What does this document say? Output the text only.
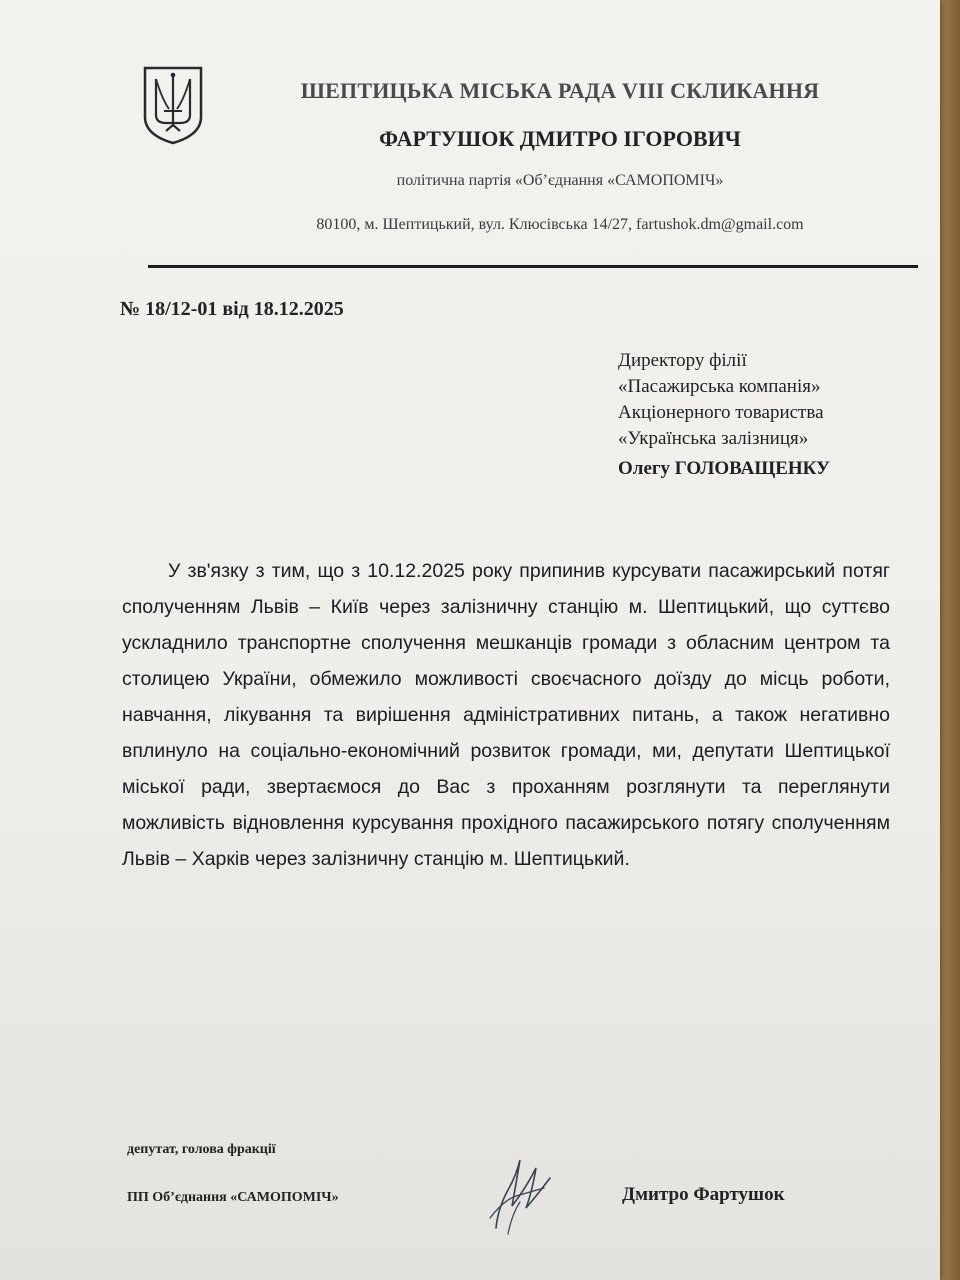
ШЕПТИЦЬКА МІСЬКА РАДА VIII СКЛИКАННЯ
ФАРТУШОК ДМИТРО ІГОРОВИЧ
політична партія «Об’єднання «САМОПОМІЧ»
80100, м. Шептицький, вул. Клюсівська 14/27, fartushok.dm@gmail.com
№ 18/12-01 від 18.12.2025
Директору філії
«Пасажирська компанія»
Акціонерного товариства
«Українська залізниця»
Олегу ГОЛОВАЩЕНКУ
У зв'язку з тим, що з 10.12.2025 року припинив курсувати пасажирський потяг сполученням Львів – Київ через залізничну станцію м. Шептицький, що суттєво ускладнило транспортне сполучення мешканців громади з обласним центром та столицею України, обмежило можливості своєчасного доїзду до місць роботи, навчання, лікування та вирішення адміністративних питань, а також негативно вплинуло на соціально-економічний розвиток громади, ми, депутати Шептицької міської ради, звертаємося до Вас з проханням розглянути та переглянути можливість відновлення курсування прохідного пасажирського потягу сполученням Львів – Харків через залізничну станцію м. Шептицький.
депутат, голова фракції
ПП Об’єднання «САМОПОМІЧ»	Дмитро Фартушок
